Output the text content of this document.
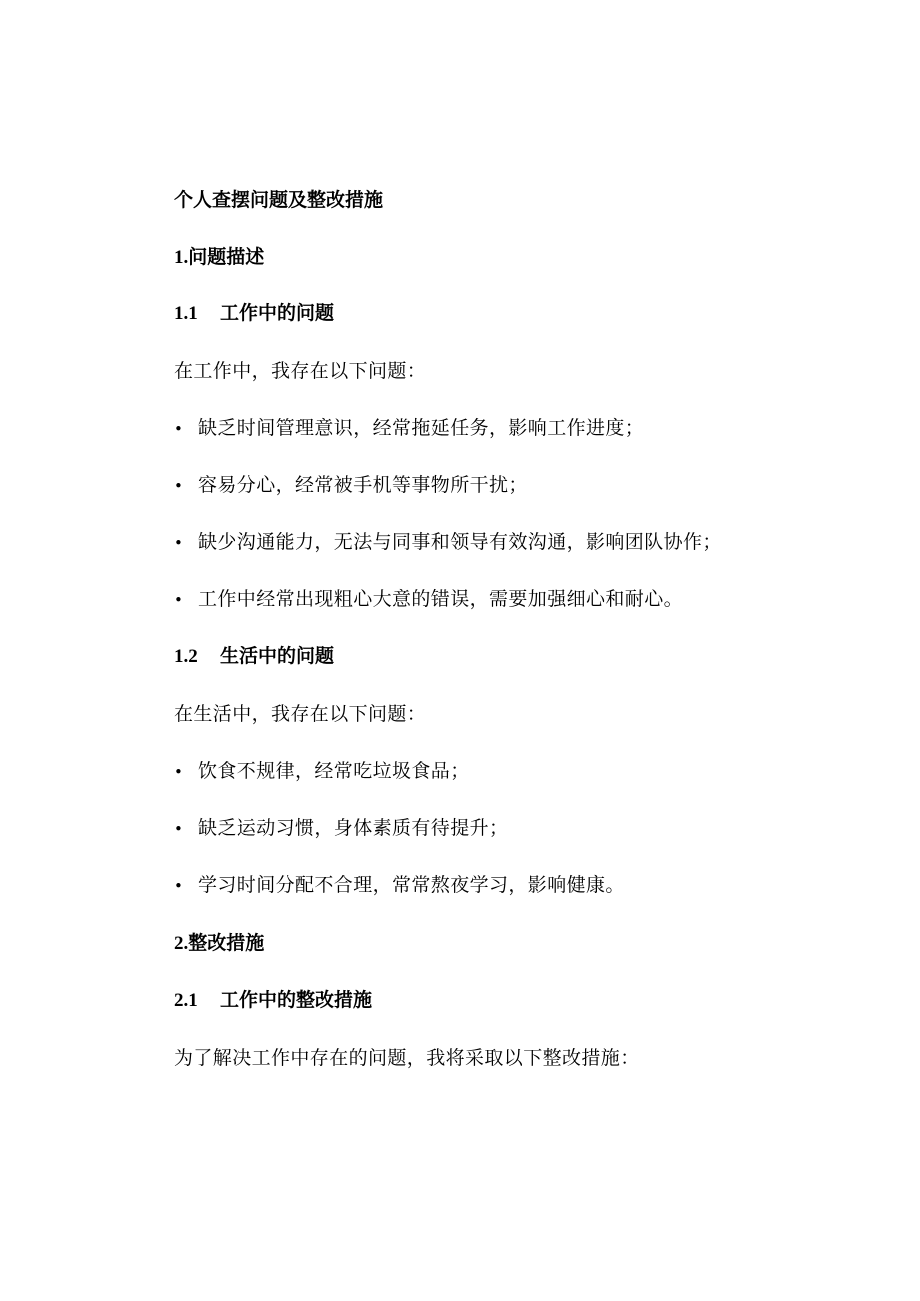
个人查摆问题及整改措施
1.问题描述
1.1 工作中的问题
在工作中，我存在以下问题：
• 缺乏时间管理意识，经常拖延任务，影响工作进度；
• 容易分心，经常被手机等事物所干扰；
• 缺少沟通能力，无法与同事和领导有效沟通，影响团队协作；
• 工作中经常出现粗心大意的错误，需要加强细心和耐心。
1.2 生活中的问题
在生活中，我存在以下问题：
• 饮食不规律，经常吃垃圾食品；
• 缺乏运动习惯，身体素质有待提升；
• 学习时间分配不合理，常常熬夜学习，影响健康。
2.整改措施
2.1 工作中的整改措施
为了解决工作中存在的问题，我将采取以下整改措施：
